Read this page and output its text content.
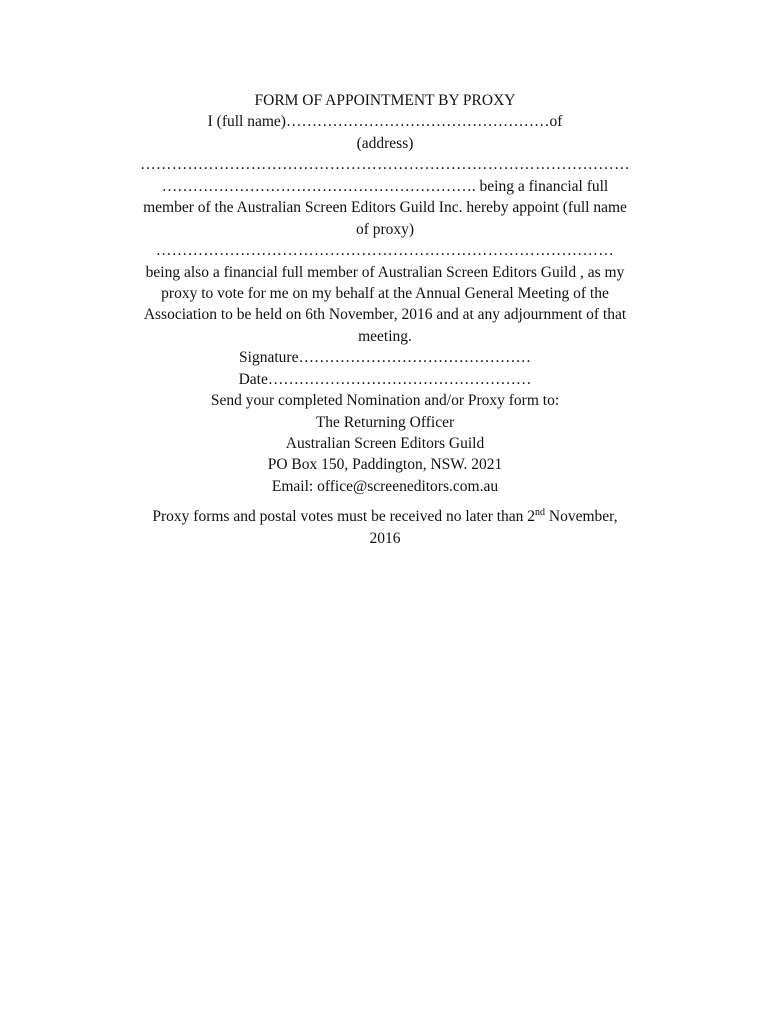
FORM OF APPOINTMENT BY PROXY
I (full name)……………………………………………of
(address)
…………………………………………………………………………………
……………………………………………………. being a financial full
member of the Australian Screen Editors Guild Inc. hereby appoint (full name
of proxy)
……………………………………………………………………………
being also a financial full member of Australian Screen Editors Guild , as my
proxy to vote for me on my behalf at the Annual General Meeting of the
Association to be held on 6th November, 2016 and at any adjournment of that
meeting.
Signature………………………………………
Date……………………………………………
Send your completed Nomination and/or Proxy form to:
The Returning Officer
Australian Screen Editors Guild
PO Box 150, Paddington, NSW. 2021
Email: office@screeneditors.com.au
Proxy forms and postal votes must be received no later than 2nd November,
2016
